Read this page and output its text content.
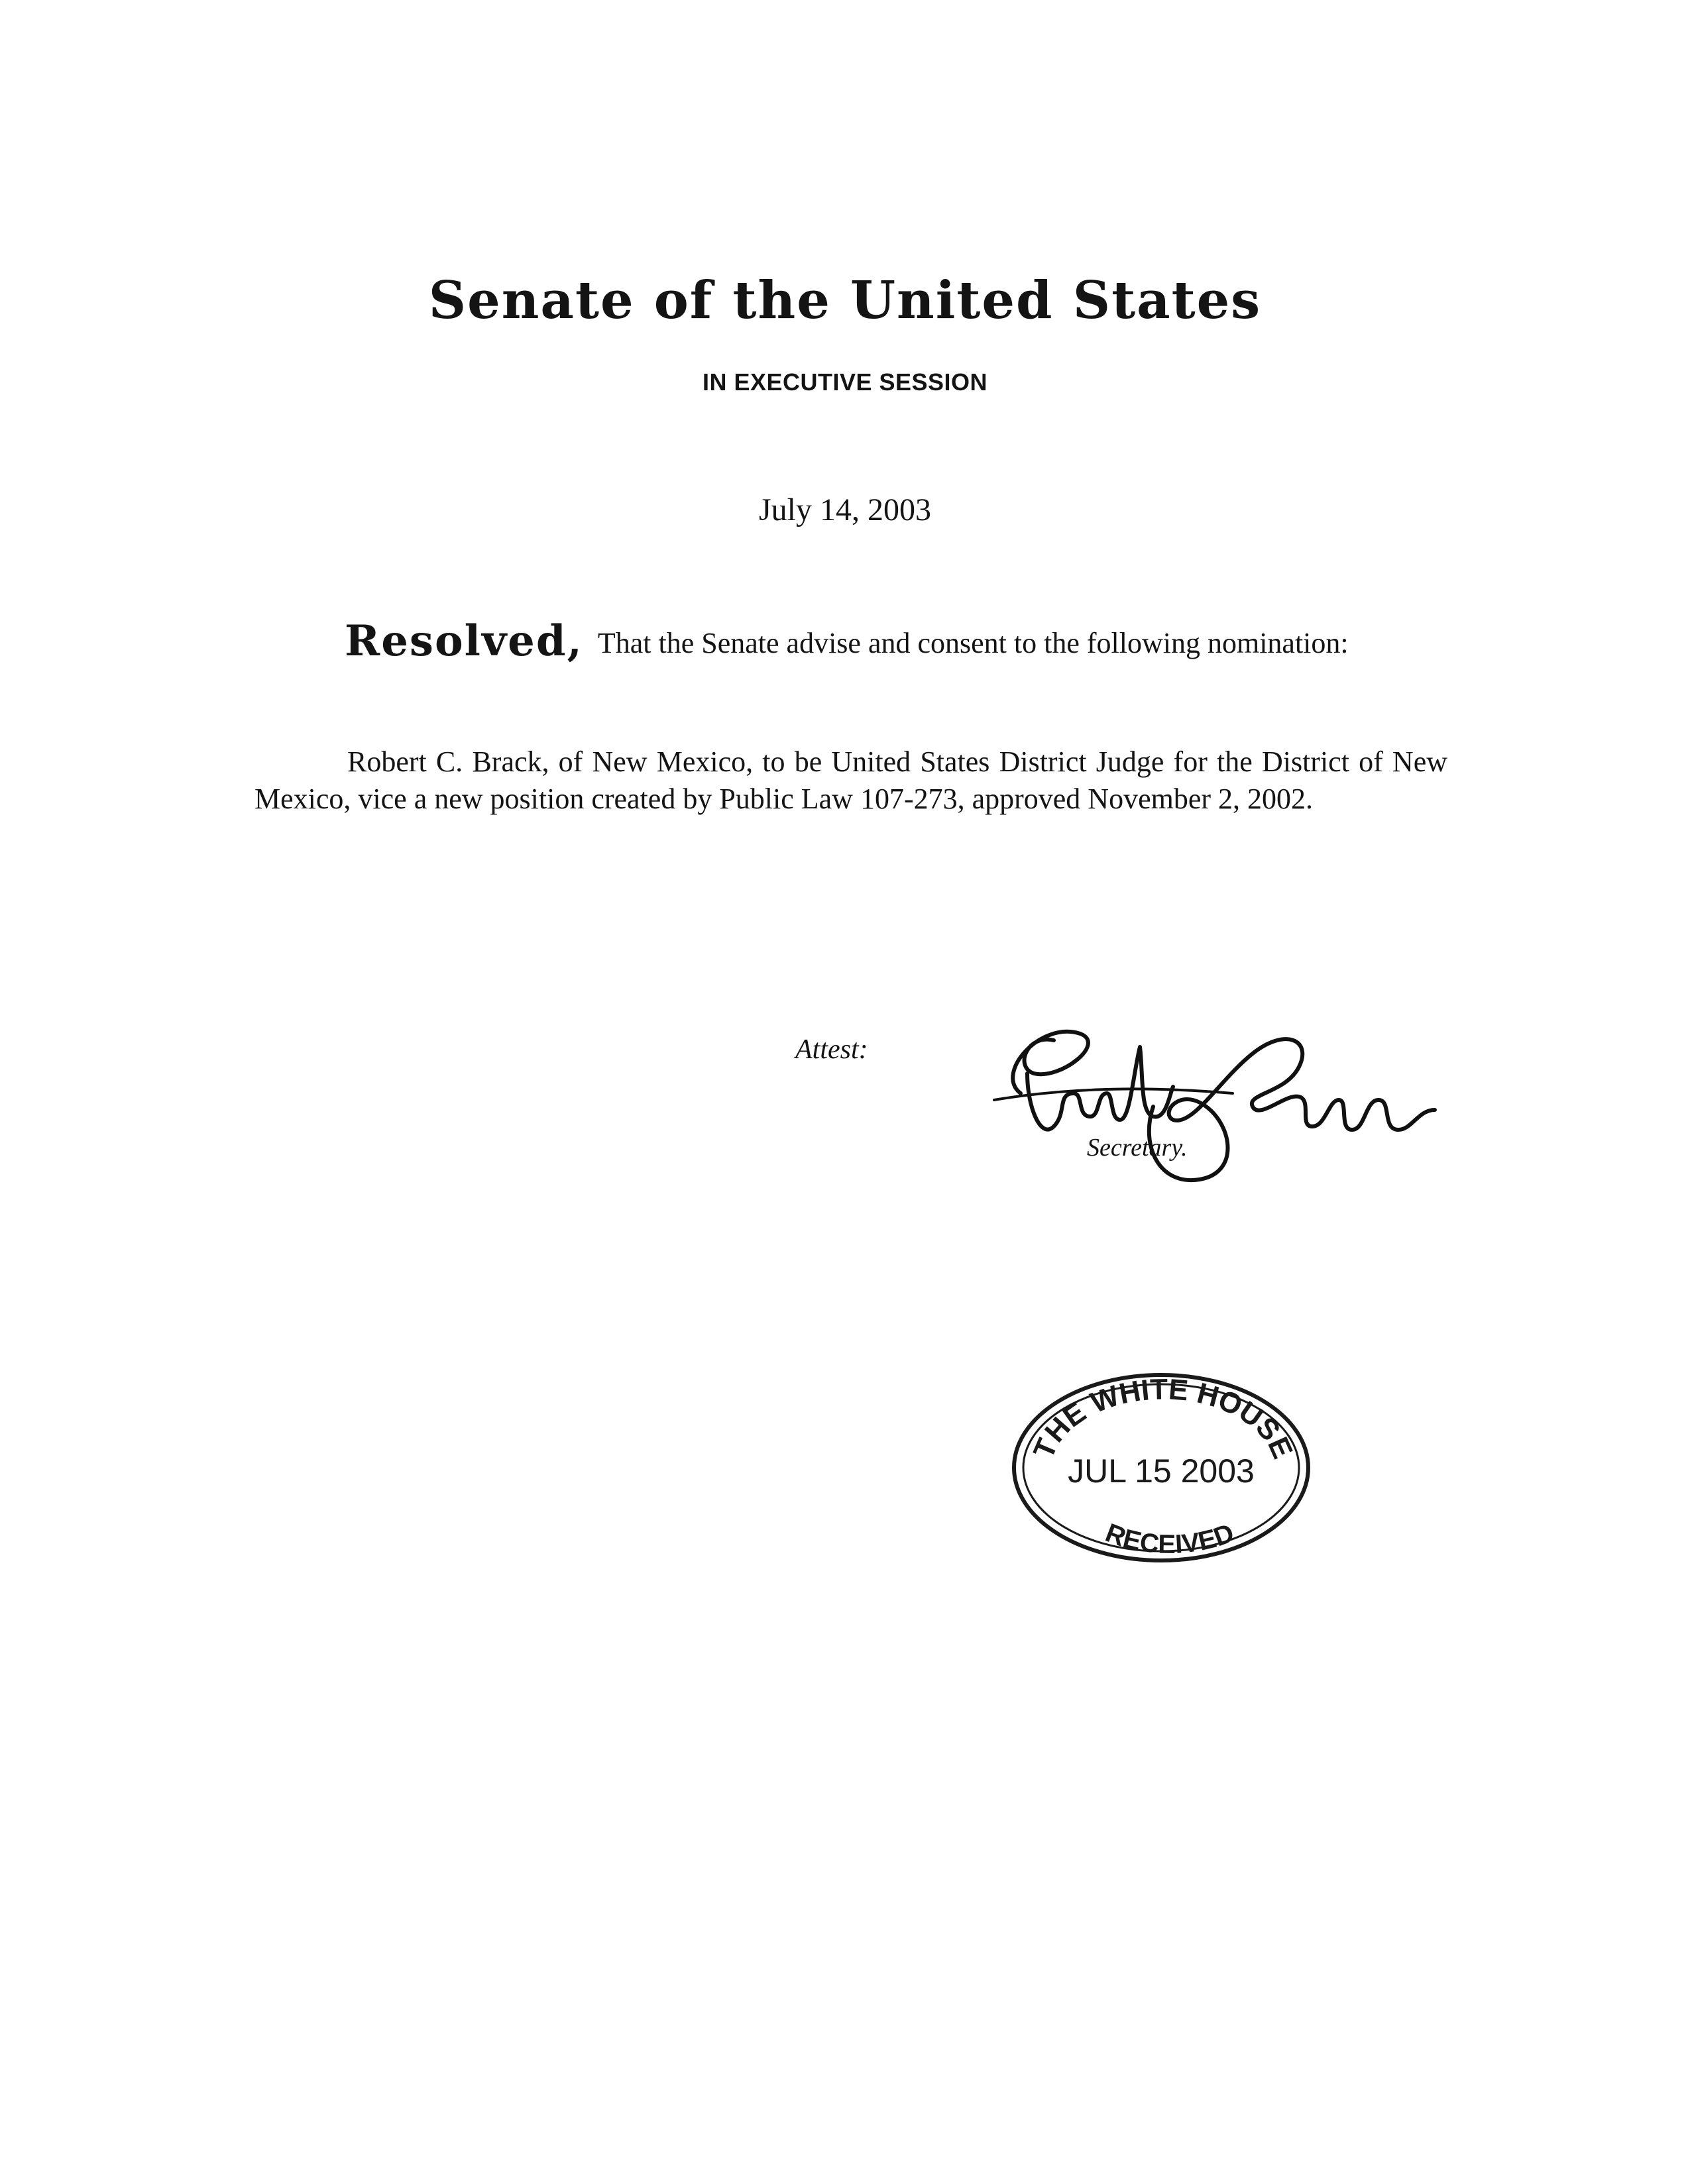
Senate of the United States
IN EXECUTIVE SESSION
July 14, 2003
Resolved, That the Senate advise and consent to the following nomination:
Robert C. Brack, of New Mexico, to be United States District Judge for the District of New Mexico, vice a new position created by Public Law 107-273, approved November 2, 2002.
Attest:
Secretary.
THE WHITE HOUSE
JUL 15 2003
RECEIVED
